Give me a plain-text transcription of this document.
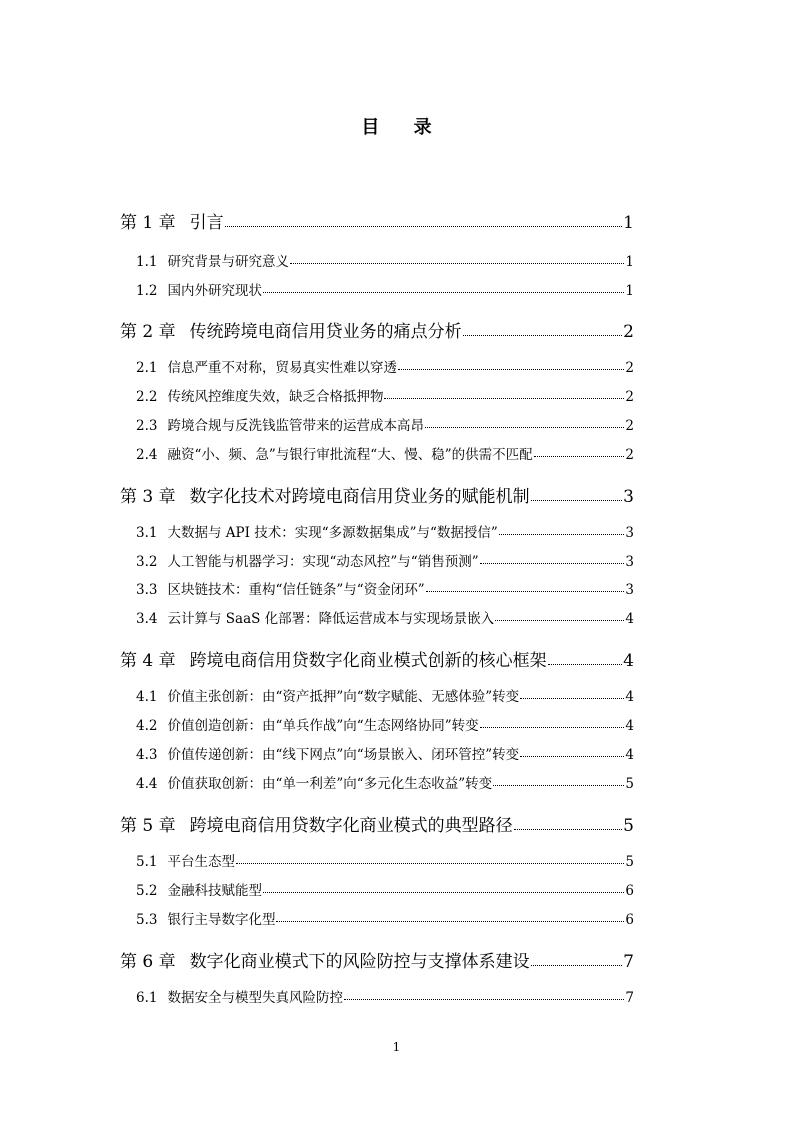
目 录
第 1 章 引言	1
1.1 研究背景与研究意义	1
1.2 国内外研究现状	1
第 2 章 传统跨境电商信用贷业务的痛点分析	2
2.1 信息严重不对称，贸易真实性难以穿透	2
2.2 传统风控维度失效，缺乏合格抵押物	2
2.3 跨境合规与反洗钱监管带来的运营成本高昂	2
2.4 融资“小、频、急”与银行审批流程“大、慢、稳”的供需不匹配	2
第 3 章 数字化技术对跨境电商信用贷业务的赋能机制	3
3.1 大数据与 API 技术：实现“多源数据集成”与“数据授信”	3
3.2 人工智能与机器学习：实现“动态风控”与“销售预测”	3
3.3 区块链技术：重构“信任链条”与“资金闭环”	3
3.4 云计算与 SaaS 化部署：降低运营成本与实现场景嵌入	4
第 4 章 跨境电商信用贷数字化商业模式创新的核心框架	4
4.1 价值主张创新：由“资产抵押”向“数字赋能、无感体验”转变	4
4.2 价值创造创新：由“单兵作战”向“生态网络协同”转变	4
4.3 价值传递创新：由“线下网点”向“场景嵌入、闭环管控”转变	4
4.4 价值获取创新：由“单一利差”向“多元化生态收益”转变	5
第 5 章 跨境电商信用贷数字化商业模式的典型路径	5
5.1 平台生态型	5
5.2 金融科技赋能型	6
5.3 银行主导数字化型	6
第 6 章 数字化商业模式下的风险防控与支撑体系建设	7
6.1 数据安全与模型失真风险防控	7
1
